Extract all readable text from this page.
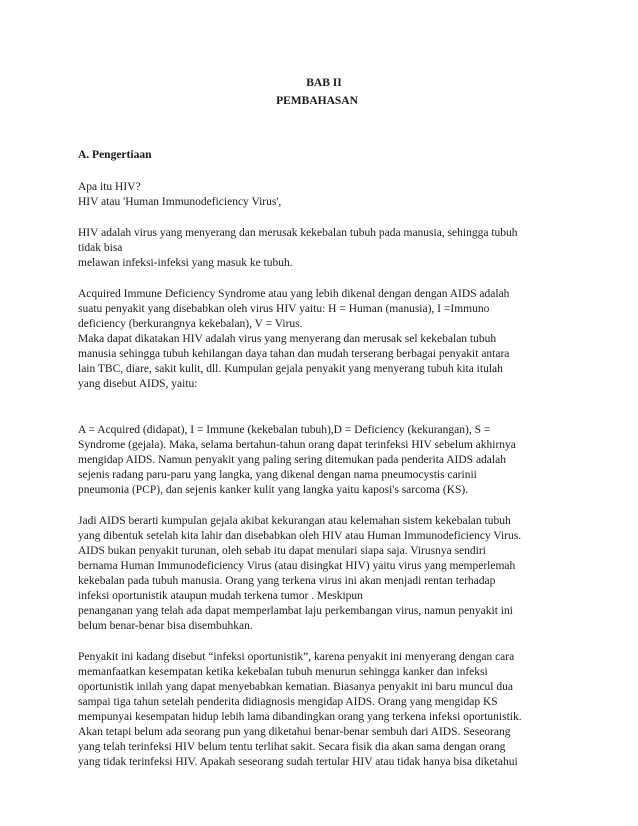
BAB II
PEMBAHASAN
A. Pengertiaan

Apa itu HIV?
HIV atau 'Human Immunodeficiency Virus',

HIV adalah virus yang menyerang dan merusak kekebalan tubuh pada manusia, sehingga tubuh
tidak bisa
melawan infeksi-infeksi yang masuk ke tubuh.

Acquired Immune Deficiency Syndrome atau yang lebih dikenal dengan dengan AIDS adalah
suatu penyakit yang disebabkan oleh virus HIV yaitu: H = Human (manusia), I =Immuno
deficiency (berkurangnya kekebalan), V = Virus.
Maka dapat dikatakan HIV adalah virus yang menyerang dan merusak sel kekebalan tubuh
manusia sehingga tubuh kehilangan daya tahan dan mudah terserang berbagai penyakit antara
lain TBC, diare, sakit kulit, dll. Kumpulan gejala penyakit yang menyerang tubuh kita itulah
yang disebut AIDS, yaitu:

A = Acquired (didapat), I = Immune (kekebalan tubuh),D = Deficiency (kekurangan), S =
Syndrome (gejala). Maka, selama bertahun-tahun orang dapat terinfeksi HIV sebelum akhirnya
mengidap AIDS. Namun penyakit yang paling sering ditemukan pada penderita AIDS adalah
sejenis radang paru-paru yang langka, yang dikenal dengan nama pneumocystis carinii
pneumonia (PCP), dan sejenis kanker kulit yang langka yaitu kaposi's sarcoma (KS).

Jadi AIDS berarti kumpulan gejala akibat kekurangan atau kelemahan sistem kekebalan tubuh
yang dibentuk setelah kita lahir dan disebabkan oleh HIV atau Human Immunodeficiency Virus.
AIDS bukan penyakit turunan, oleh sebab itu dapat menulari siapa saja. Virusnya sendiri
bernama Human Immunodeficiency Virus (atau disingkat HIV) yaitu virus yang memperlemah
kekebalan pada tubuh manusia. Orang yang terkena virus ini akan menjadi rentan terhadap
infeksi oportunistik ataupun mudah terkena tumor . Meskipun
penanganan yang telah ada dapat memperlambat laju perkembangan virus, namun penyakit ini
belum benar-benar bisa disembuhkan.

Penyakit ini kadang disebut “infeksi oportunistik”, karena penyakit ini menyerang dengan cara
memanfaatkan kesempatan ketika kekebalan tubuh menurun sehingga kanker dan infeksi
oportunistik inilah yang dapat menyebabkan kematian. Biasanya penyakit ini baru muncul dua
sampai tiga tahun setelah penderita didiagnosis mengidap AIDS. Orang yang mengidap KS
mempunyai kesempatan hidup lebih lama dibandingkan orang yang terkena infeksi oportunistik.
Akan tetapi belum ada seorang pun yang diketahui benar-benar sembuh dari AIDS. Seseorang
yang telah terinfeksi HIV belum tentu terlihat sakit. Secara fisik dia akan sama dengan orang
yang tidak terinfeksi HIV. Apakah seseorang sudah tertular HIV atau tidak hanya bisa diketahui
